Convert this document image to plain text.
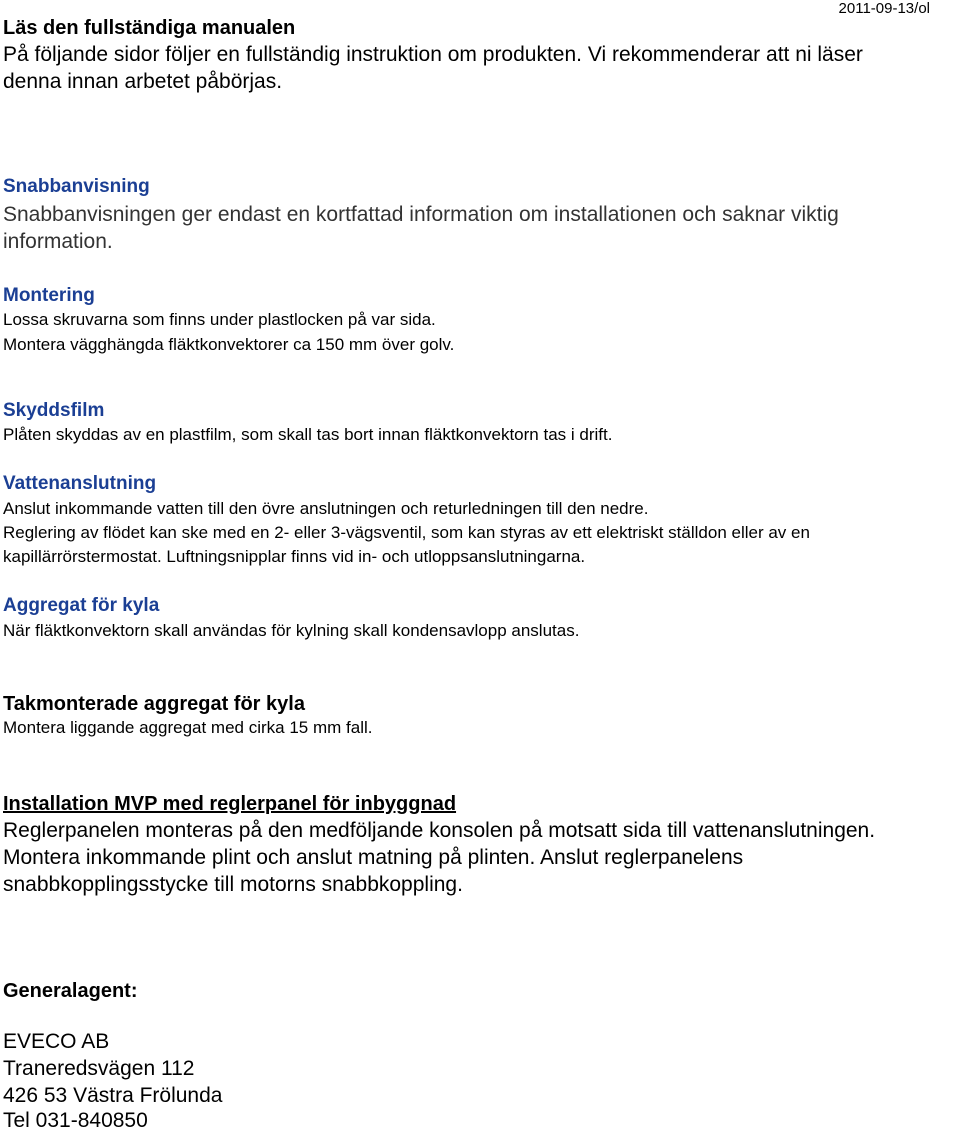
2011-09-13/ol
Läs den fullständiga manualen
På följande sidor följer en fullständig instruktion om produkten. Vi rekommenderar att ni läser
denna innan arbetet påbörjas.
Snabbanvisning
Snabbanvisningen ger endast en kortfattad information om installationen och saknar viktig
information.
Montering
Lossa skruvarna som finns under plastlocken på var sida.
Montera vägghängda fläktkonvektorer ca 150 mm över golv.
Skyddsfilm
Plåten skyddas av en plastfilm, som skall tas bort innan fläktkonvektorn tas i drift.
Vattenanslutning
Anslut inkommande vatten till den övre anslutningen och returledningen till den nedre.
Reglering av flödet kan ske med en 2- eller 3-vägsventil, som kan styras av ett elektriskt ställdon eller av en
kapillärrörstermostat. Luftningsnipplar finns vid in- och utloppsanslutningarna.
Aggregat för kyla
När fläktkonvektorn skall användas för kylning skall kondensavlopp anslutas.
Takmonterade aggregat för kyla
Montera liggande aggregat med cirka 15 mm fall.
Installation MVP med reglerpanel för inbyggnad
Reglerpanelen monteras på den medföljande konsolen på motsatt sida till vattenanslutningen.
Montera inkommande plint och anslut matning på plinten. Anslut reglerpanelens
snabbkopplingsstycke till motorns snabbkoppling.
Generalagent:
EVECO AB
Traneredsvägen 112
426 53 Västra Frölunda
Tel 031-840850
